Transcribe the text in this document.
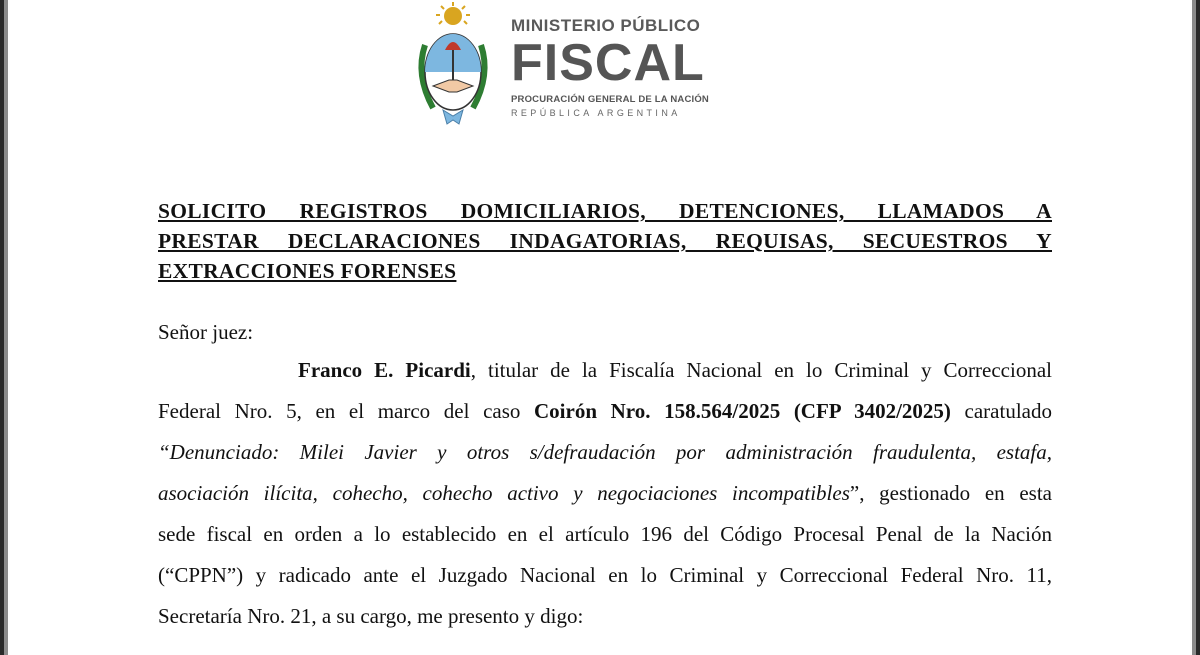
MINISTERIO PÚBLICO
FISCAL
PROCURACIÓN GENERAL DE LA NACIÓN
REPÚBLICA ARGENTINA
SOLICITO REGISTROS DOMICILIARIOS, DETENCIONES, LLAMADOS A
PRESTAR DECLARACIONES INDAGATORIAS, REQUISAS, SECUESTROS Y
EXTRACCIONES FORENSES
Señor juez:
Franco E. Picardi, titular de la Fiscalía Nacional en lo Criminal y Correccional
Federal Nro. 5, en el marco del caso Coirón Nro. 158.564/2025 (CFP 3402/2025) caratulado
“Denunciado: Milei Javier y otros s/defraudación por administración fraudulenta, estafa,
asociación ilícita, cohecho, cohecho activo y negociaciones incompatibles”, gestionado en esta
sede fiscal en orden a lo establecido en el artículo 196 del Código Procesal Penal de la Nación
(“CPPN”) y radicado ante el Juzgado Nacional en lo Criminal y Correccional Federal Nro. 11,
Secretaría Nro. 21, a su cargo, me presento y digo:
